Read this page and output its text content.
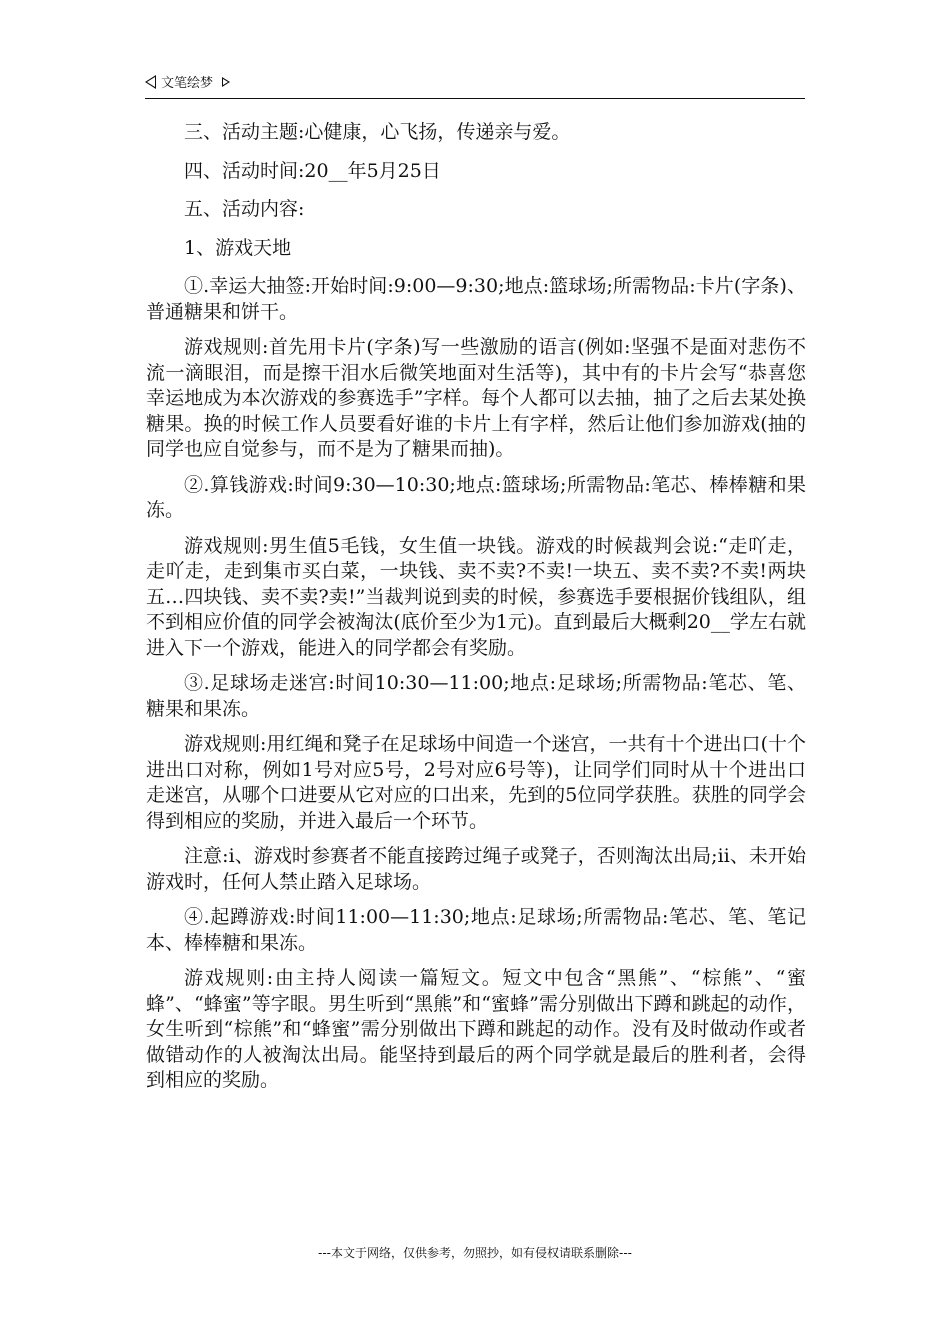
文笔绘梦

三、活动主题:心健康，心飞扬，传递亲与爱。

四、活动时间:20__年5月25日

五、活动内容:

1、游戏天地

①.幸运大抽签:开始时间:9:00—9:30;地点:篮球场;所需物品:卡片(字条)、普通糖果和饼干。

游戏规则:首先用卡片(字条)写一些激励的语言(例如:坚强不是面对悲伤不流一滴眼泪，而是擦干泪水后微笑地面对生活等)，其中有的卡片会写“恭喜您幸运地成为本次游戏的参赛选手”字样。每个人都可以去抽，抽了之后去某处换糖果。换的时候工作人员要看好谁的卡片上有字样，然后让他们参加游戏(抽的同学也应自觉参与，而不是为了糖果而抽)。

②.算钱游戏:时间9:30—10:30;地点:篮球场;所需物品:笔芯、棒棒糖和果冻。

游戏规则:男生值5毛钱，女生值一块钱。游戏的时候裁判会说:“走吖走，走吖走，走到集市买白菜，一块钱、卖不卖?不卖!一块五、卖不卖?不卖!两块五…四块钱、卖不卖?卖!”当裁判说到卖的时候，参赛选手要根据价钱组队，组不到相应价值的同学会被淘汰(底价至少为1元)。直到最后大概剩20__学左右就进入下一个游戏，能进入的同学都会有奖励。

③.足球场走迷宫:时间10:30—11:00;地点:足球场;所需物品:笔芯、笔、糖果和果冻。

游戏规则:用红绳和凳子在足球场中间造一个迷宫，一共有十个进出口(十个进出口对称，例如1号对应5号，2号对应6号等)，让同学们同时从十个进出口走迷宫，从哪个口进要从它对应的口出来，先到的5位同学获胜。获胜的同学会得到相应的奖励，并进入最后一个环节。

注意:ⅰ、游戏时参赛者不能直接跨过绳子或凳子，否则淘汰出局;ⅱ、未开始游戏时，任何人禁止踏入足球场。

④.起蹲游戏:时间11:00—11:30;地点:足球场;所需物品:笔芯、笔、笔记本、棒棒糖和果冻。

游戏规则:由主持人阅读一篇短文。短文中包含“黑熊”、“棕熊”、“蜜蜂”、“蜂蜜”等字眼。男生听到“黑熊”和“蜜蜂”需分别做出下蹲和跳起的动作，女生听到“棕熊”和“蜂蜜”需分别做出下蹲和跳起的动作。没有及时做动作或者做错动作的人被淘汰出局。能坚持到最后的两个同学就是最后的胜利者，会得到相应的奖励。

---本文于网络，仅供参考，勿照抄，如有侵权请联系删除---
